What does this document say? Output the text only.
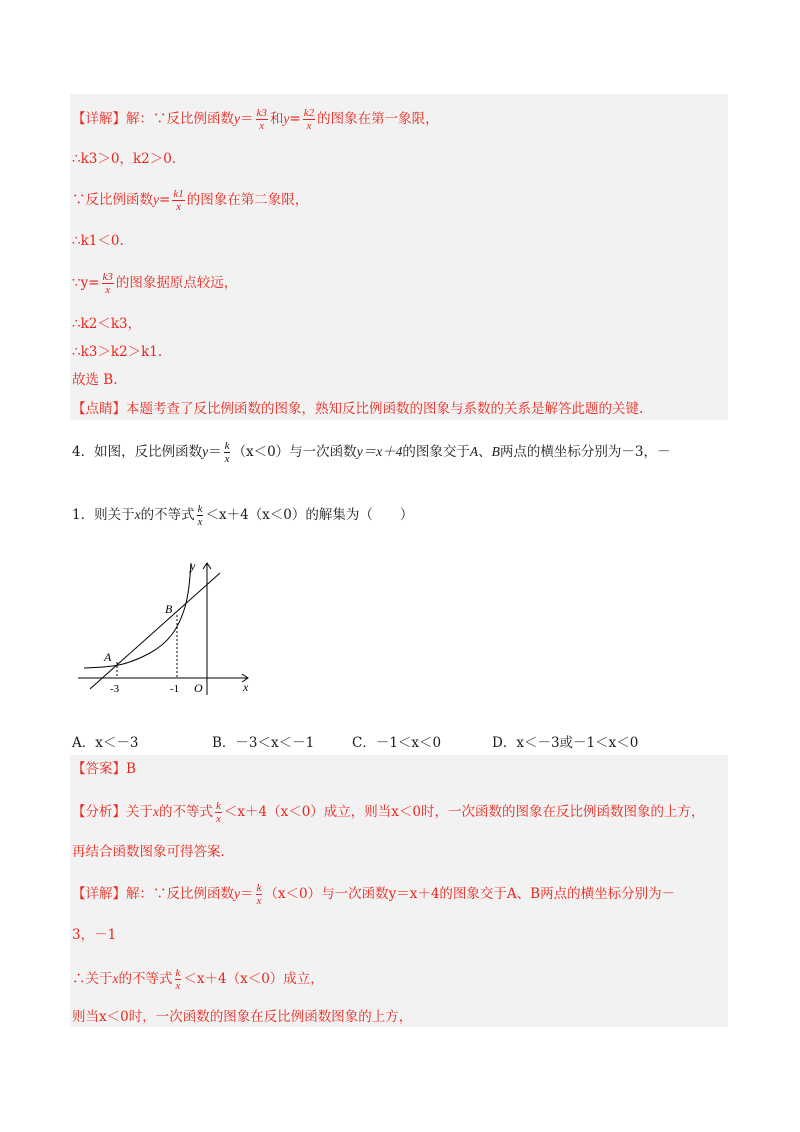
【详解】解：∵反比例函数$y= \frac{k3}{x}$ 和$y= \frac{k2}{x}$ 的图象在第一象限，
∴k3＞0，k2＞0.
∵反比例函数$y= \frac{k1}{x}$ 的图象在第二象限，
∴k1＜0.
∵y= $\frac{k3}{x}$ 的图象据原点较远，
∴k2＜k3，
∴k3＞k2＞k1.
故选 B.
【点睛】本题考查了反比例函数的图象，熟知反比例函数的图象与系数的关系是解答此题的关键.
4．如图，反比例函数$y= \frac{k}{x} (x<0)$与一次函数y＝x＋4的图象交于A、B两点的横坐标分别为－3，－
1．则关于x的不等式 $\frac{k}{x} <x+4(x<0)$的解集为（　　）
A
B
y
x
O
-3	-1
A．x＜－3	B．－3＜x＜－1	C．－1＜x＜0	D．x＜－3或－1＜x＜0
【答案】B
【分析】关于x的不等式 $\frac{k}{x} <x+4(x<0)$成立，则当x＜0时，一次函数的图象在反比例函数图象的上方，
再结合函数图象可得答案.
【详解】解：∵反比例函数$y= \frac{k}{x} (x<0)$与一次函数y＝x＋4的图象交于A、B两点的横坐标分别为－
3，－1
∴关于x的不等式 $\frac{k}{x} <x+4(x<0)$成立，
则当x＜0时，一次函数的图象在反比例函数图象的上方，
